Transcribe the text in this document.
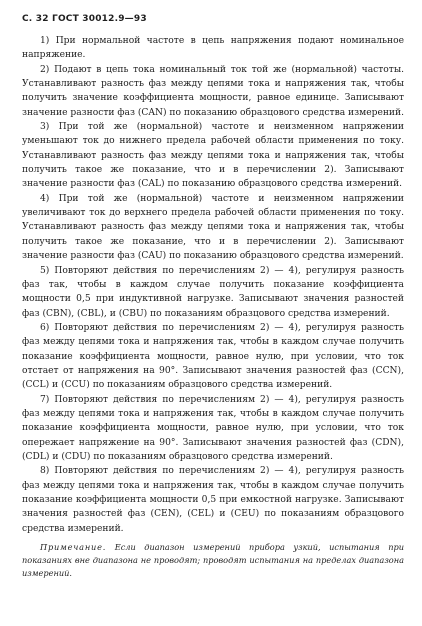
С. 32 ГОСТ 30012.9—93

1) При нормальной частоте в цепь напряжения подают номинальное напряжение.

2) Подают в цепь тока номинальный ток той же (нормальной) частоты. Устанавливают разность фаз между цепями тока и напряжения так, чтобы получить значение коэффициента мощности, равное единице. Записывают значение разности фаз (CAN) по показанию образцового средства измерений.

3) При той же (нормальной) частоте и неизменном напряжении уменьшают ток до нижнего предела рабочей области применения по току. Устанавливают разность фаз между цепями тока и напряжения так, чтобы получить такое же показание, что и в перечислении 2). Записывают значение разности фаз (CAL) по показанию образцового средства измерений.

4) При той же (нормальной) частоте и неизменном напряжении увеличивают ток до верхнего предела рабочей области применения по току. Устанавливают разность фаз между цепями тока и напряжения так, чтобы получить такое же показание, что и в перечислении 2). Записывают значение разности фаз (CAU) по показанию образцового средства измерений.

5) Повторяют действия по перечислениям 2) — 4), регулируя разность фаз так, чтобы в каждом случае получить показание коэффициента мощности 0,5 при индуктивной нагрузке. Записывают значения разностей фаз (CBN), (CBL), и (CBU) по показаниям образцового средства измерений.

6) Повторяют действия по перечислениям 2) — 4), регулируя разность фаз между цепями тока и напряжения так, чтобы в каждом случае получить показание коэффициента мощности, равное нулю, при условии, что ток отстает от напряжения на 90°. Записывают значения разностей фаз (CCN), (CCL) и (CCU) по показаниям образцового средства измерений.

7) Повторяют действия по перечислениям 2) — 4), регулируя разность фаз между цепями тока и напряжения так, чтобы в каждом случае получить показание коэффициента мощности, равное нулю, при условии, что ток опережает напряжение на 90°. Записывают значения разностей фаз (CDN), (CDL) и (CDU) по показаниям образцового средства измерений.

8) Повторяют действия по перечислениям 2) — 4), регулируя разность фаз между цепями тока и напряжения так, чтобы в каждом случае получить показание коэффициента мощности 0,5 при емкостной нагрузке. Записывают значения разностей фаз (CEN), (CEL) и (CEU) по показаниям образцового средства измерений.

Примечание. Если диапазон измерений прибора узкий, испытания при показаниях вне диапазона не проводят; проводят испытания на пределах диапазона измерений.
